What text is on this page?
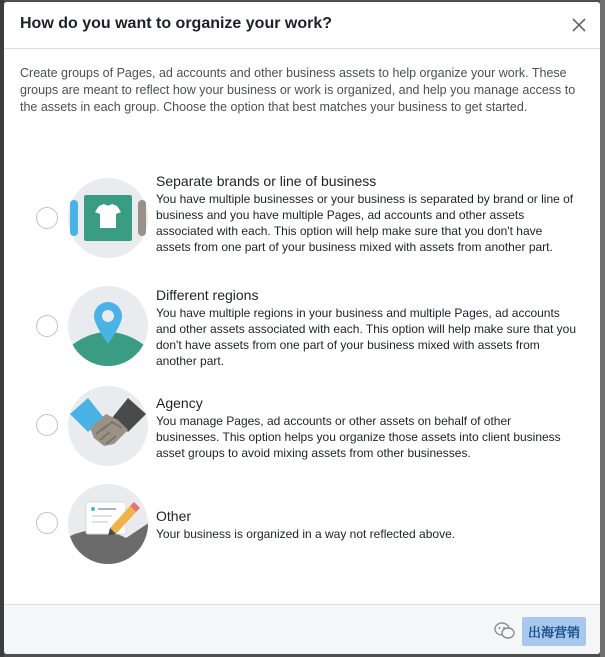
How do you want to organize your work?

Create groups of Pages, ad accounts and other business assets to help organize your work. These groups are meant to reflect how your business or work is organized, and help you manage access to the assets in each group. Choose the option that best matches your business to get started.

Separate brands or line of business

You have multiple businesses or your business is separated by brand or line of business and you have multiple Pages, ad accounts and other assets associated with each. This option will help make sure that you don't have assets from one part of your business mixed with assets from another part.

Different regions

You have multiple regions in your business and multiple Pages, ad accounts and other assets associated with each. This option will help make sure that you don't have assets from one part of your business mixed with assets from another part.

Agency

You manage Pages, ad accounts or other assets on behalf of other businesses. This option helps you organize those assets into client business asset groups to avoid mixing assets from other businesses.

Other

Your business is organized in a way not reflected above.

出海营销
